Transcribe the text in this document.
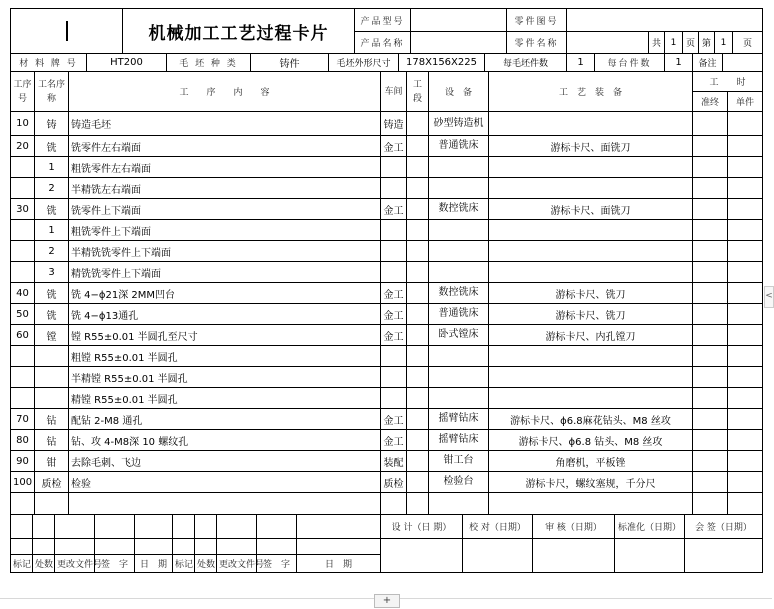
	机械加工工艺过程卡片	产品型号		零件图号							
		产品名称		零件名称		共	1	页	第	1	页
材 料 牌 号	HT200	毛 坯 种 类	铸件	毛坯外形尺寸	178X156X225	每毛坯件数	1	每台件数	1	备注	
工序号	工名序称	工　　序　　内　　容	车间	工段	设　备	工　艺　装　备	工　　时	
							准终	单件
10	铸	铸造毛坯	铸造		砂型铸造机			
20	铣	铣零件左右端面	金工		普通铣床	游标卡尺、面铣刀		
	1	粗铣零件左右端面						
	2	半精铣左右端面						
30	铣	铣零件上下端面	金工		数控铣床	游标卡尺、面铣刀		
	1	粗铣零件上下端面						
	2	半精铣铣零件上下端面						
	3	精铣铣零件上下端面						
40	铣	铣 4−ϕ21深 2MM凹台	金工		数控铣床	游标卡尺、铣刀		
50	铣	铣 4−ϕ13通孔	金工		普通铣床	游标卡尺、铣刀		
60	镗	镗 R55±0.01 半圆孔至尺寸	金工		卧式镗床	游标卡尺、内孔镗刀		
		粗镗 R55±0.01 半圆孔						
		半精镗 R55±0.01 半圆孔						
		精镗 R55±0.01 半圆孔						
70	钻	配钻 2-M8 通孔	金工		摇臂钻床	游标卡尺、ϕ6.8麻花钻头、M8 丝攻		
80	钻	钻、攻 4-M8深 10 螺纹孔	金工		摇臂钻床	游标卡尺、ϕ6.8 钻头、M8 丝攻		
90	钳	去除毛刺、飞边	装配		钳工台	角磨机，平板锉		
100	质检	检验	质检		检验台	游标卡尺，螺纹塞规，千分尺		

										设 计（日 期）	校 对（日期）	审 核（日期）	标准化（日期）	会 签（日期）

标记	处数	更改文件号	签　字	日　期	标记	处数	更改文件号	签　字	日　期					
+
<
